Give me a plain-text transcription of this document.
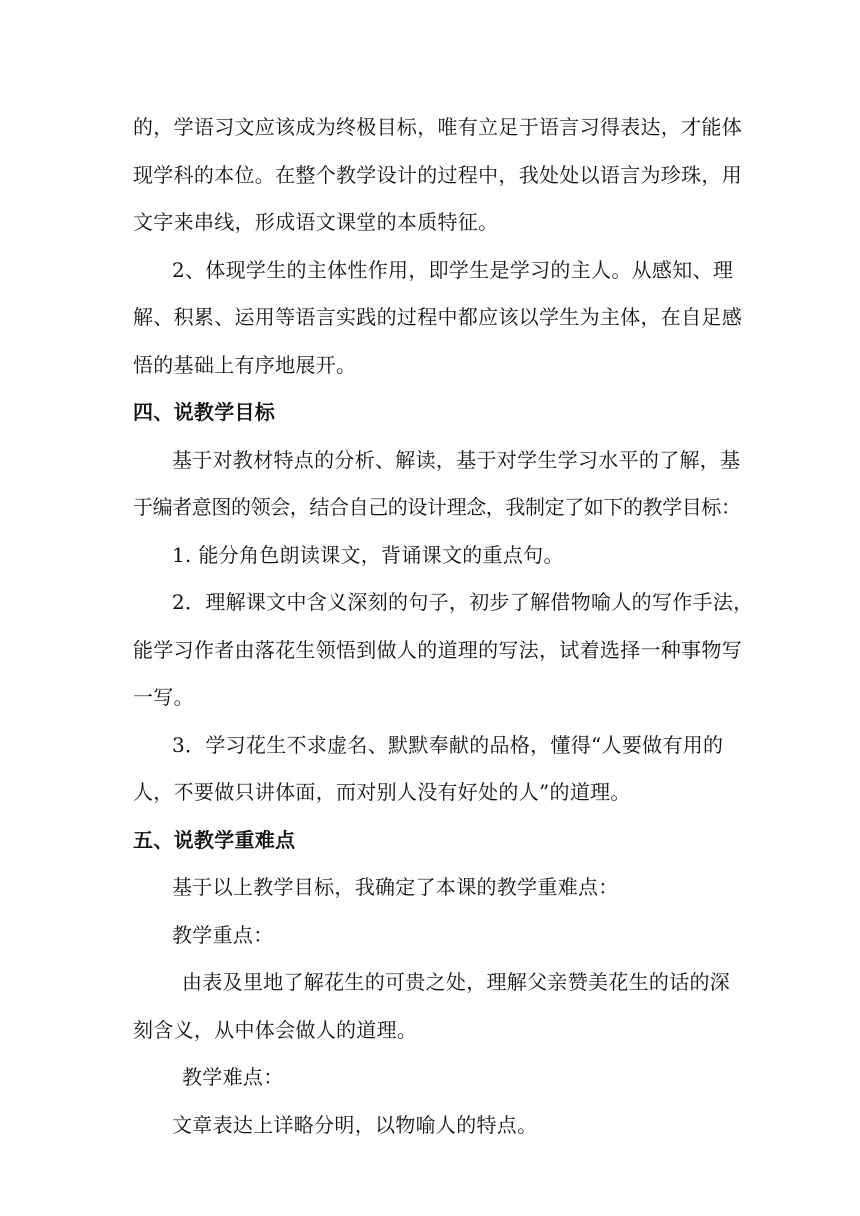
的，学语习文应该成为终极目标，唯有立足于语言习得表达，才能体
现学科的本位。在整个教学设计的过程中，我处处以语言为珍珠，用
文字来串线，形成语文课堂的本质特征。
2、体现学生的主体性作用，即学生是学习的主人。从感知、理
解、积累、运用等语言实践的过程中都应该以学生为主体，在自足感
悟的基础上有序地展开。
四、说教学目标
基于对教材特点的分析、解读，基于对学生学习水平的了解，基
于编者意图的领会，结合自己的设计理念，我制定了如下的教学目标：
1. 能分角色朗读课文，背诵课文的重点句。
2．理解课文中含义深刻的句子，初步了解借物喻人的写作手法，
能学习作者由落花生领悟到做人的道理的写法，试着选择一种事物写
一写。
3．学习花生不求虚名、默默奉献的品格，懂得“人要做有用的
人，不要做只讲体面，而对别人没有好处的人”的道理。
五、说教学重难点
基于以上教学目标，我确定了本课的教学重难点：
教学重点：
由表及里地了解花生的可贵之处，理解父亲赞美花生的话的深
刻含义，从中体会做人的道理。
教学难点：
文章表达上详略分明，以物喻人的特点。
